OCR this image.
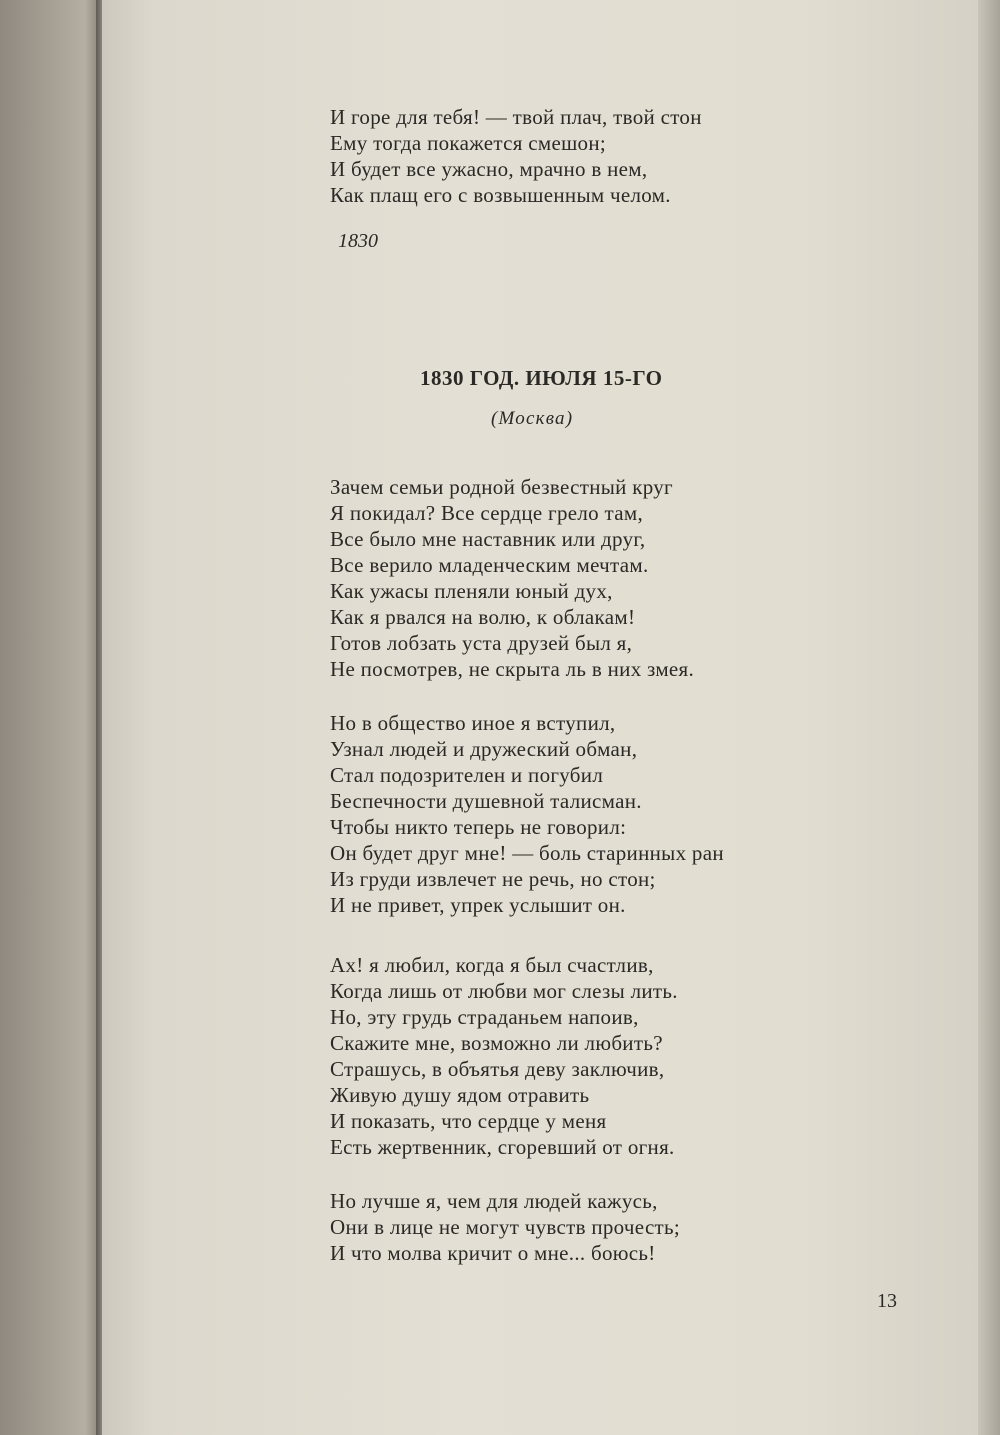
И горе для тебя! — твой плач, твой стон
Ему тогда покажется смешон;
И будет все ужасно, мрачно в нем,
Как плащ его с возвышенным челом.
1830
1830 ГОД. ИЮЛЯ 15-ГО
(Москва)
Зачем семьи родной безвестный круг
Я покидал? Все сердце грело там,
Все было мне наставник или друг,
Все верило младенческим мечтам.
Как ужасы пленяли юный дух,
Как я рвался на волю, к облакам!
Готов лобзать уста друзей был я,
Не посмотрев, не скрыта ль в них змея.
Но в общество иное я вступил,
Узнал людей и дружеский обман,
Стал подозрителен и погубил
Беспечности душевной талисман.
Чтобы никто теперь не говорил:
Он будет друг мне! — боль старинных ран
Из груди извлечет не речь, но стон;
И не привет, упрек услышит он.
Ах! я любил, когда я был счастлив,
Когда лишь от любви мог слезы лить.
Но, эту грудь страданьем напоив,
Скажите мне, возможно ли любить?
Страшусь, в объятья деву заключив,
Живую душу ядом отравить
И показать, что сердце у меня
Есть жертвенник, сгоревший от огня.
Но лучше я, чем для людей кажусь,
Они в лице не могут чувств прочесть;
И что молва кричит о мне... боюсь!
13
